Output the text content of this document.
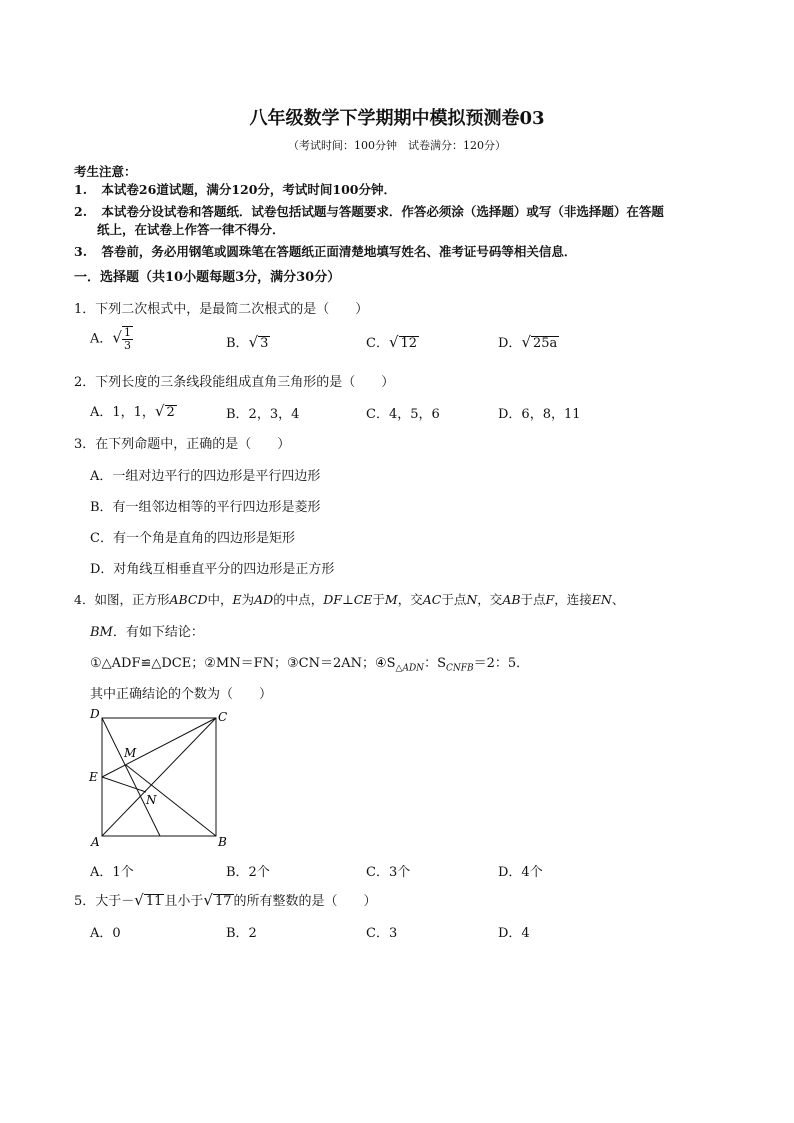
八年级数学下学期期中模拟预测卷03
（考试时间：100分钟　试卷满分：120分）
考生注意：
1. 本试卷26道试题，满分120分，考试时间100分钟．
2. 本试卷分设试卷和答题纸．试卷包括试题与答题要求．作答必须涂（选择题）或写（非选择题）在答题
纸上，在试卷上作答一律不得分．
3. 答卷前，务必用钢笔或圆珠笔在答题纸正面清楚地填写姓名、准考证号码等相关信息．
一．选择题（共10小题每题3分，满分30分）
1．下列二次根式中，是最简二次根式的是（　　）
A．√ $\frac{1}{3}$	B．√ 3	C．√ 12	D．√ 25a
2．下列长度的三条线段能组成直角三角形的是（　　）
A．1，1，√ 2	B．2，3，4	C．4，5，6	D．6，8，11
3．在下列命题中，正确的是（　　）
A．一组对边平行的四边形是平行四边形
B．有一组邻边相等的平行四边形是菱形
C．有一个角是直角的四边形是矩形
D．对角线互相垂直平分的四边形是正方形
4．如图，正方形ABCD中，E为AD的中点，DF⊥CE于M，交AC于点N，交AB于点F，连接EN、
BM．有如下结论：
①△ADF≌△DCE；②MN＝FN；③CN＝2AN；$④S_{\triangle ADN}$：$S_{CNFB}=2$：5．
其中正确结论的个数为（　　）
D	C
M
E
N
A	B
A．1个	B．2个	C．3个	D．4个
5．大于－√ 11 且小于√ 17 的所有整数的是（　　）
A．0	B．2	C．3	D．4
